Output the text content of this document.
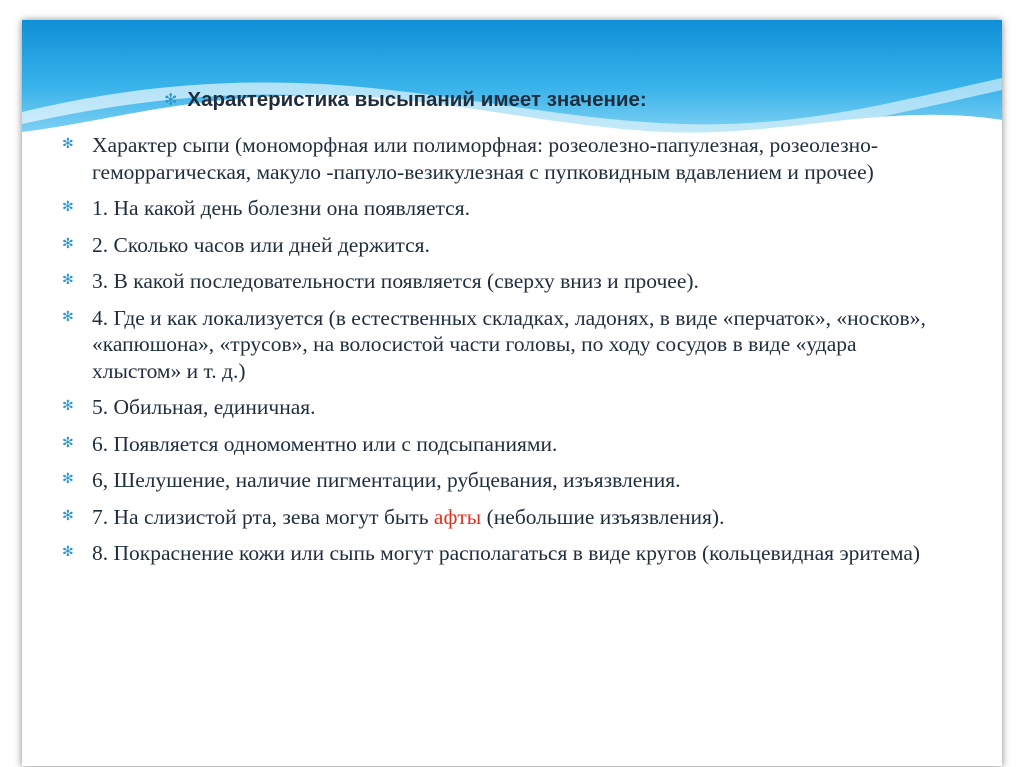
✻ Характеристика высыпаний имеет значение:
✻ Характер сыпи (мономорфная или полиморфная: розеолезно-папулезная, розеолезно-геморрагическая, макуло -папуло-везикулезная с пупковидным вдавлением и прочее)
✻ 1. На какой день болезни она появляется.
✻ 2. Сколько часов или дней держится.
✻ 3. В какой последовательности появляется (сверху вниз и прочее).
✻ 4. Где и как локализуется (в естественных складках, ладонях, в виде «перчаток», «носков», «капюшона», «трусов», на волосистой части головы, по ходу сосудов в виде «удара хлыстом» и т. д.)
✻ 5. Обильная, единичная.
✻ 6. Появляется одномоментно или с подсыпаниями.
✻ 6, Шелушение, наличие пигментации, рубцевания, изъязвления.
✻ 7. На слизистой рта, зева могут быть афты (небольшие изъязвления).
✻ 8. Покраснение кожи или сыпь могут располагаться в виде кругов (кольцевидная эритема)
